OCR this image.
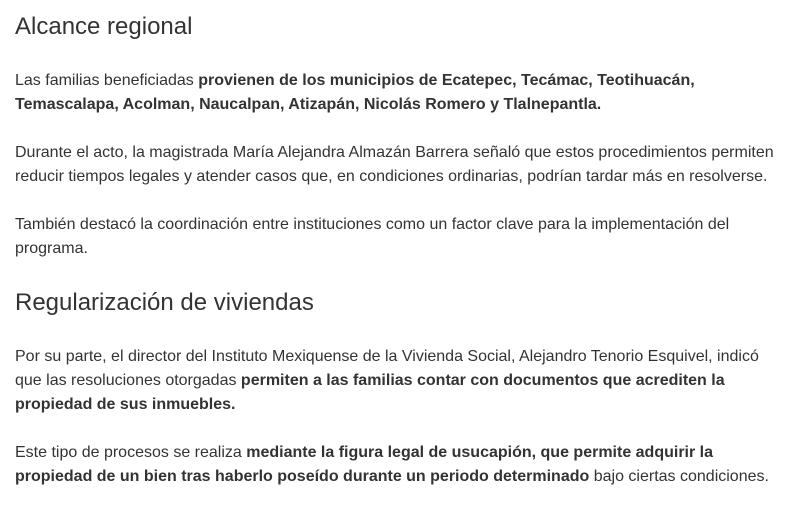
Alcance regional

Las familias beneficiadas provienen de los municipios de Ecatepec, Tecámac, Teotihuacán, Temascalapa, Acolman, Naucalpan, Atizapán, Nicolás Romero y Tlalnepantla.

Durante el acto, la magistrada María Alejandra Almazán Barrera señaló que estos procedimientos permiten reducir tiempos legales y atender casos que, en condiciones ordinarias, podrían tardar más en resolverse.

También destacó la coordinación entre instituciones como un factor clave para la implementación del programa.

Regularización de viviendas

Por su parte, el director del Instituto Mexiquense de la Vivienda Social, Alejandro Tenorio Esquivel, indicó que las resoluciones otorgadas permiten a las familias contar con documentos que acrediten la propiedad de sus inmuebles.

Este tipo de procesos se realiza mediante la figura legal de usucapión, que permite adquirir la propiedad de un bien tras haberlo poseído durante un periodo determinado bajo ciertas condiciones.
